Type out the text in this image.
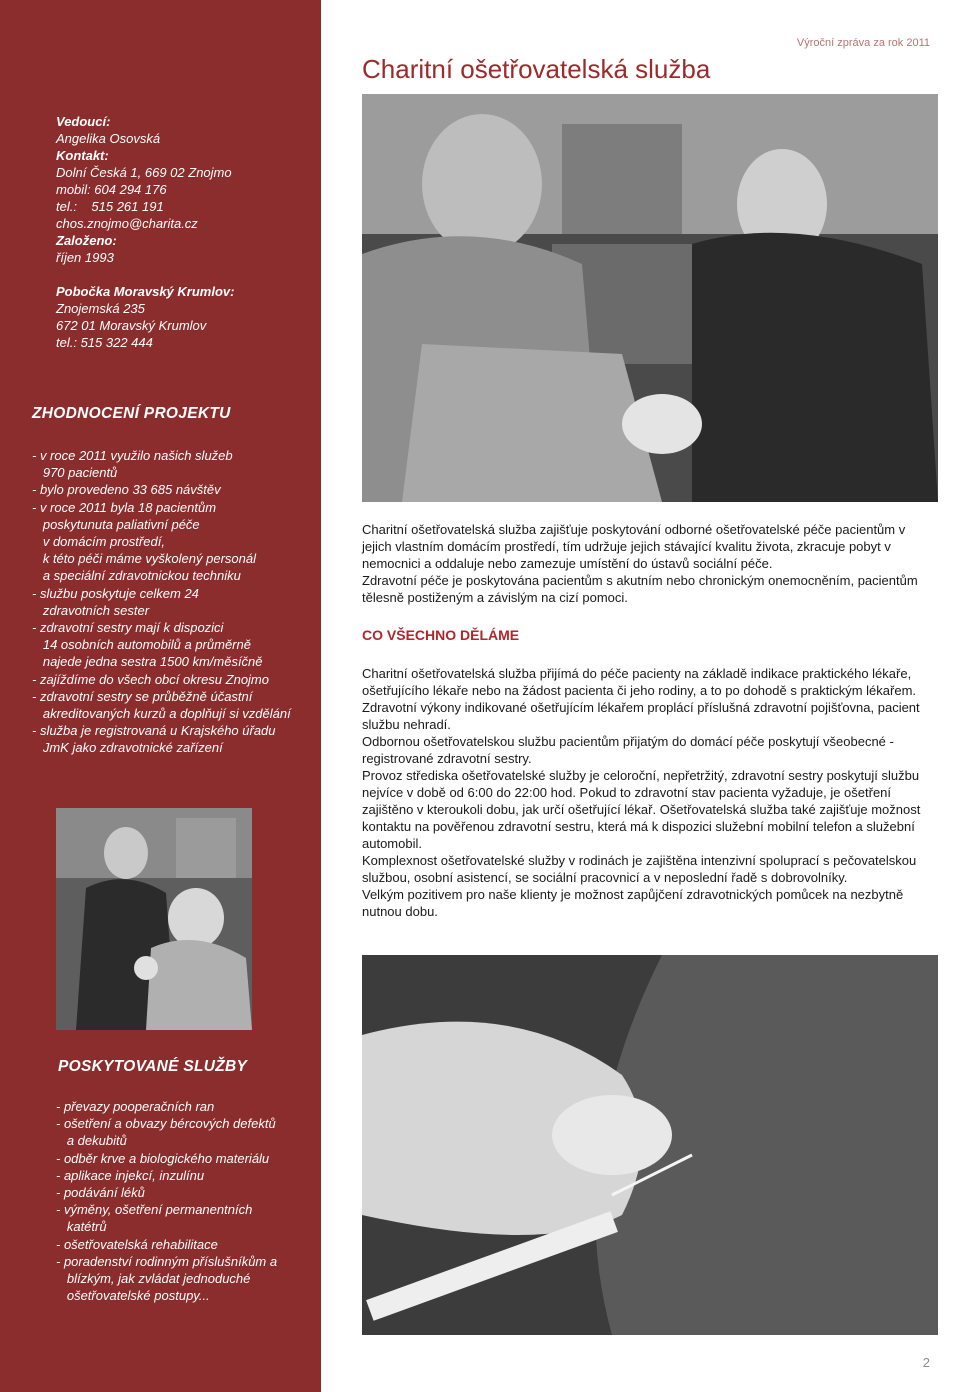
Vedoucí:
Angelika Osovská
Kontakt:
Dolní Česká 1, 669 02 Znojmo
mobil: 604 294 176
tel.:    515 261 191
chos.znojmo@charita.cz
Založeno:
říjen 1993
Pobočka Moravský Krumlov:
Znojemská 235
672 01 Moravský Krumlov
tel.: 515 322 444
ZHODNOCENÍ PROJEKTU
- v roce 2011 využilo našich služeb
970 pacientů
- bylo provedeno 33 685 návštěv
- v roce 2011 byla 18 pacientům
poskytunuta paliativní péče
v domácím prostředí,
k této péči máme vyškolený personál
a speciální zdravotnickou techniku
- službu poskytuje celkem 24
zdravotních sester
- zdravotní sestry mají k dispozici
14 osobních automobilů a průměrně
najede jedna sestra 1500 km/měsíčně
- zajíždíme do všech obcí okresu Znojmo
- zdravotní sestry se průběžně účastní
akreditovaných kurzů a doplňují si vzdělání
- služba je registrovaná u Krajského úřadu
JmK jako zdravotnické zařízení
POSKYTOVANÉ SLUŽBY
- převazy pooperačních ran
- ošetření a obvazy bércových defektů
a dekubitů
- odběr krve a biologického materiálu
- aplikace injekcí, inzulínu
- podávání léků
- výměny, ošetření permanentních
katétrů
- ošetřovatelská rehabilitace
- poradenství rodinným příslušníkům a
blízkým, jak zvládat jednoduché
ošetřovatelské postupy...
Výroční zpráva za rok 2011
Charitní ošetřovatelská služba

Charitní ošetřovatelská služba zajišťuje poskytování odborné ošetřovatelské péče pacientům v jejich vlastním domácím prostředí, tím udržuje jejich stávající kvalitu života, zkracuje pobyt v nemocnici a oddaluje nebo zamezuje umístění do ústavů sociální péče.

Zdravotní péče je poskytována pacientům s akutním nebo chronickým onemocněním, pacientům tělesně postiženým a závislým na cizí pomoci.

CO VŠECHNO DĚLÁME

Charitní ošetřovatelská služba přijímá do péče pacienty na základě indikace praktického lékaře, ošetřujícího lékaře nebo na žádost pacienta či jeho rodiny, a to po dohodě s praktickým lékařem.

Zdravotní výkony indikované ošetřujícím lékařem proplácí příslušná zdravotní pojišťovna, pacient službu nehradí.

Odbornou ošetřovatelskou službu pacientům přijatým do domácí péče poskytují všeobecné - registrované zdravotní sestry.

Provoz střediska ošetřovatelské služby je celoroční, nepřetržitý, zdravotní sestry poskytují službu nejvíce v době od 6:00 do 22:00 hod. Pokud to zdravotní stav pacienta vyžaduje, je ošetření zajištěno v kteroukoli dobu, jak určí ošetřující lékař. Ošetřovatelská služba také zajišťuje možnost kontaktu na pověřenou zdravotní sestru, která má k dispozici služební mobilní telefon a služební automobil.

Komplexnost ošetřovatelské služby v rodinách je zajištěna intenzivní spoluprací s pečovatelskou službou, osobní asistencí, se sociální pracovnicí a v neposlední řadě s dobrovolníky.

Velkým pozitivem pro naše klienty je možnost zapůjčení zdravotnických pomůcek na nezbytně nutnou dobu.

2
